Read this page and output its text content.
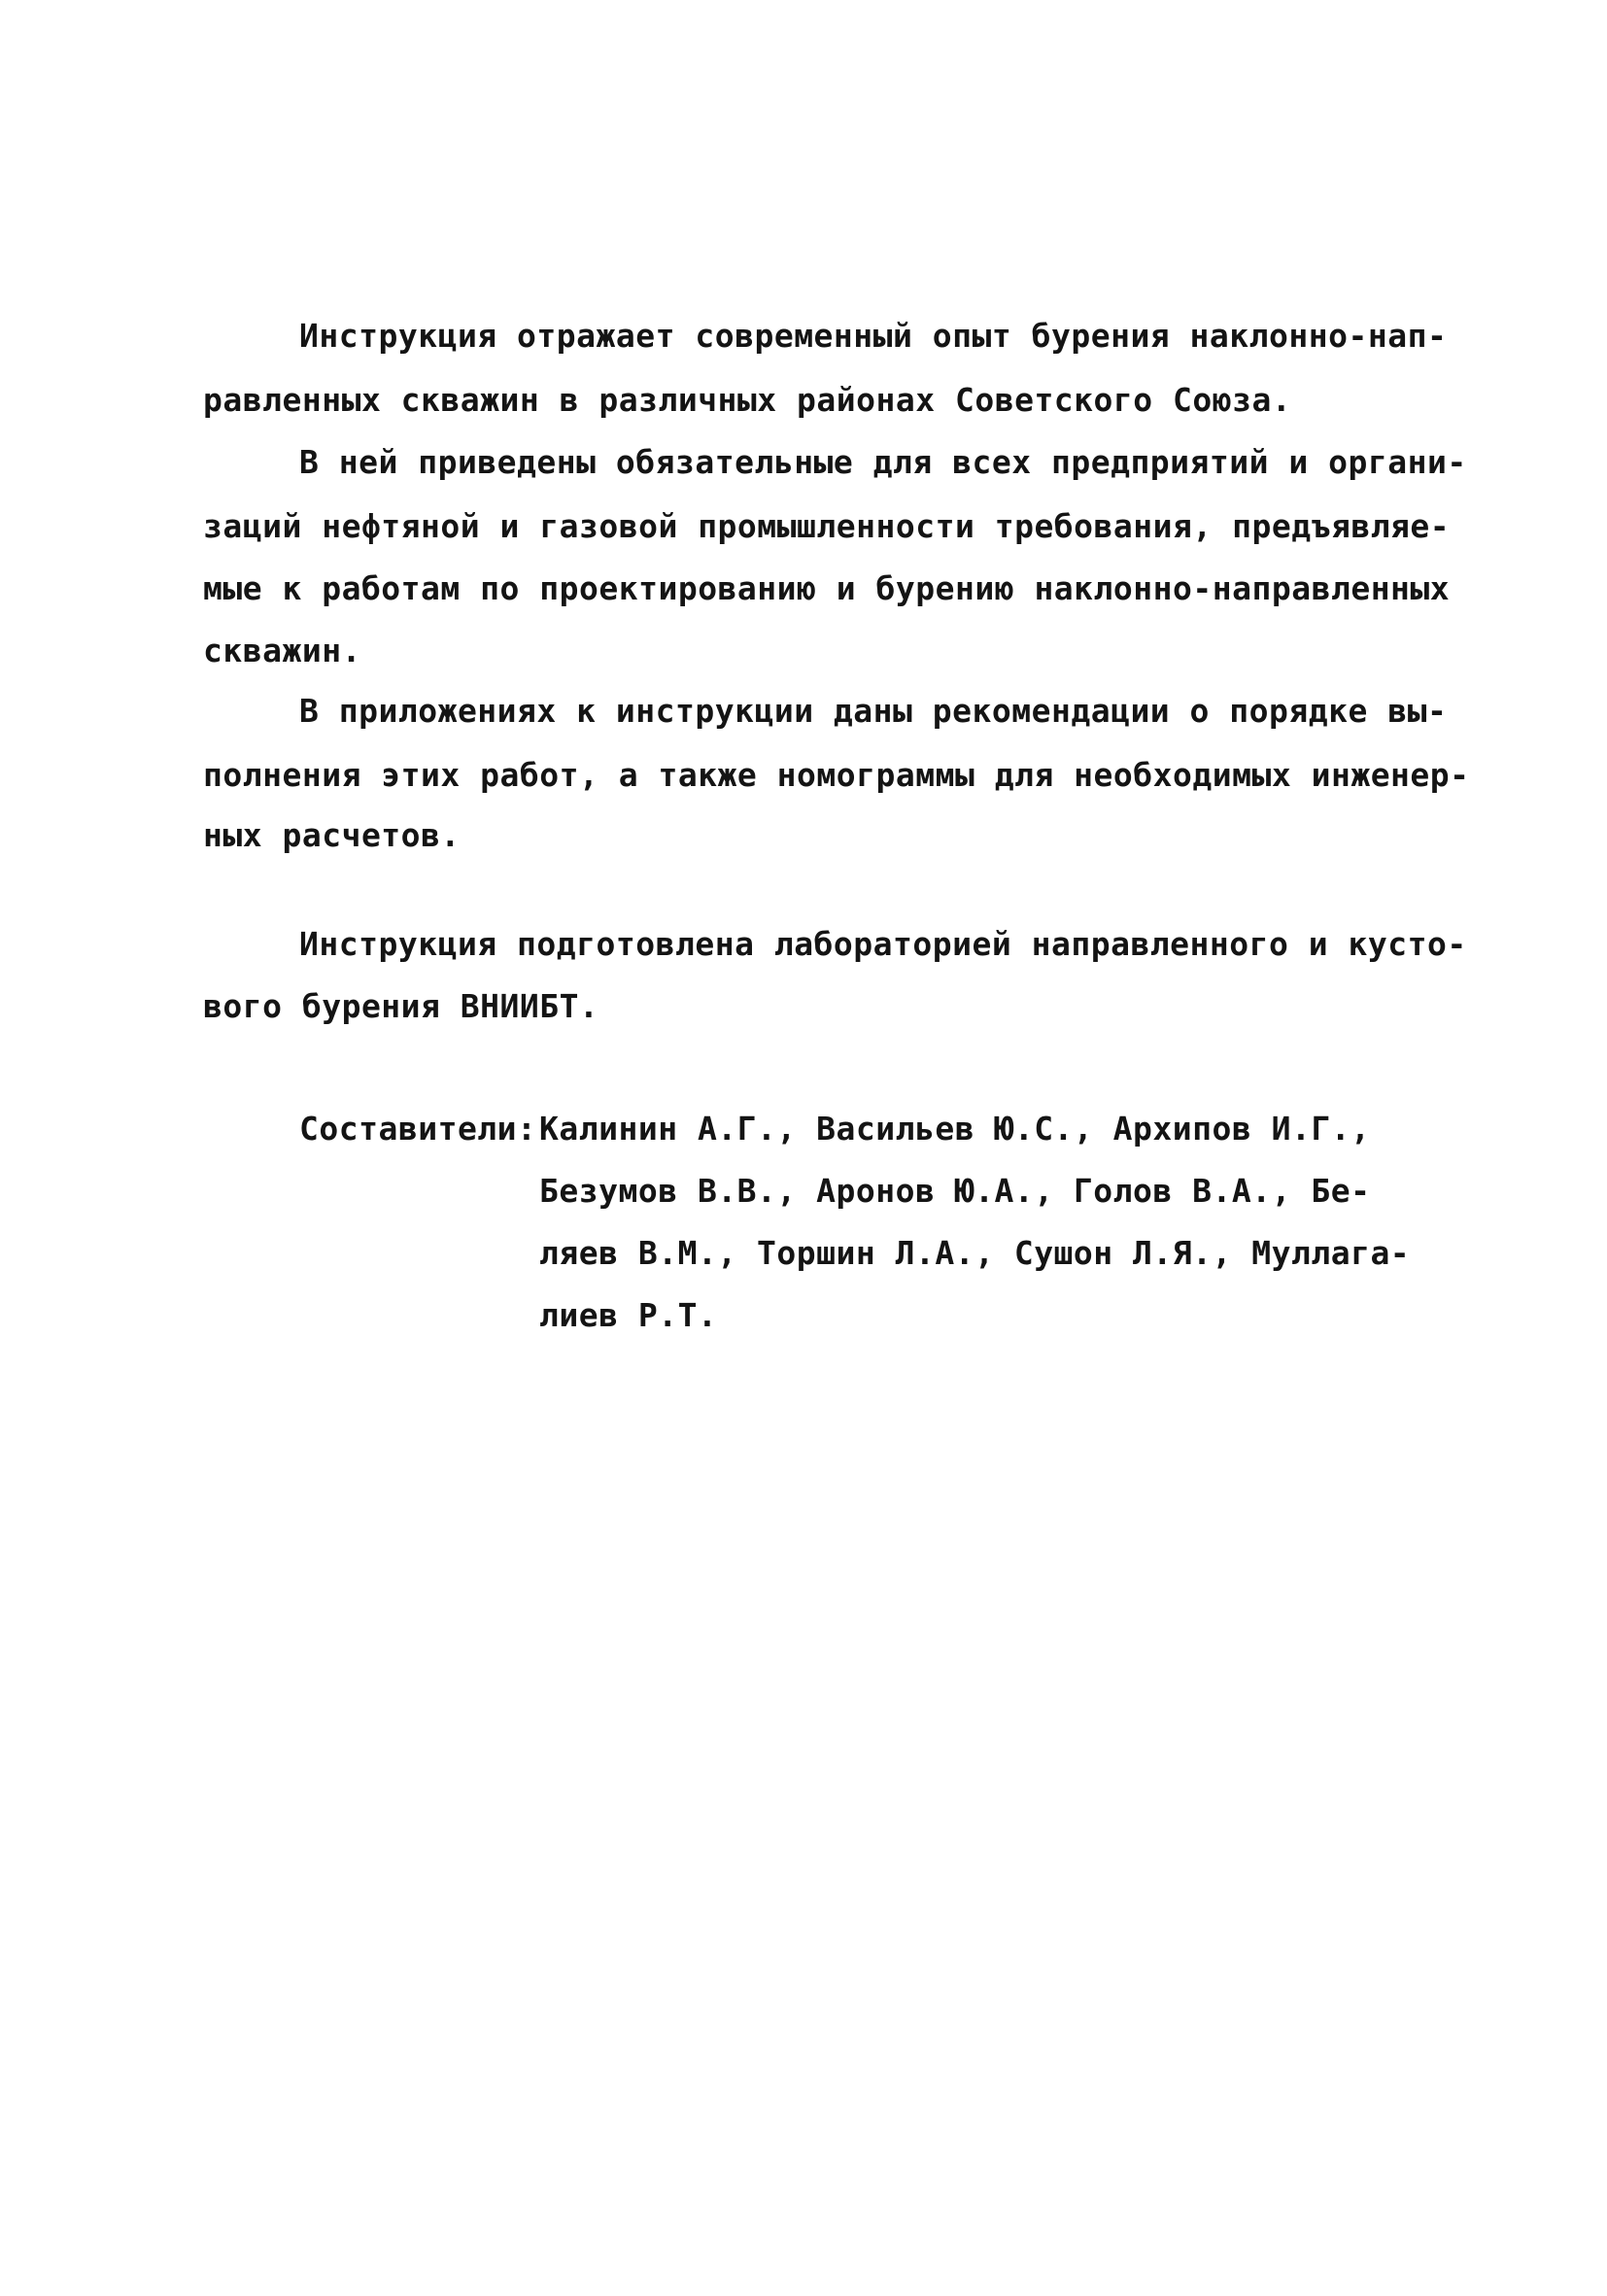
Инструкция отражает современный опыт бурения наклонно-нап-
равленных скважин в различных районах Советского Союза.
В ней приведены обязательные для всех предприятий и органи-
заций нефтяной и газовой промышленности требования, предъявляе-
мые к работам по проектированию и бурению наклонно-направленных
скважин.
В приложениях к инструкции даны рекомендации о порядке вы-
полнения этих работ, а также номограммы для необходимых инженер-
ных расчетов.
Инструкция подготовлена лабораторией направленного и кусто-
вого бурения ВНИИБТ.
Составители: Калинин А.Г., Васильев Ю.С., Архипов И.Г.,
Безумов В.В., Аронов Ю.А., Голов В.А., Бе-
ляев В.М., Торшин Л.А., Сушон Л.Я., Муллага-
лиев Р.Т.
